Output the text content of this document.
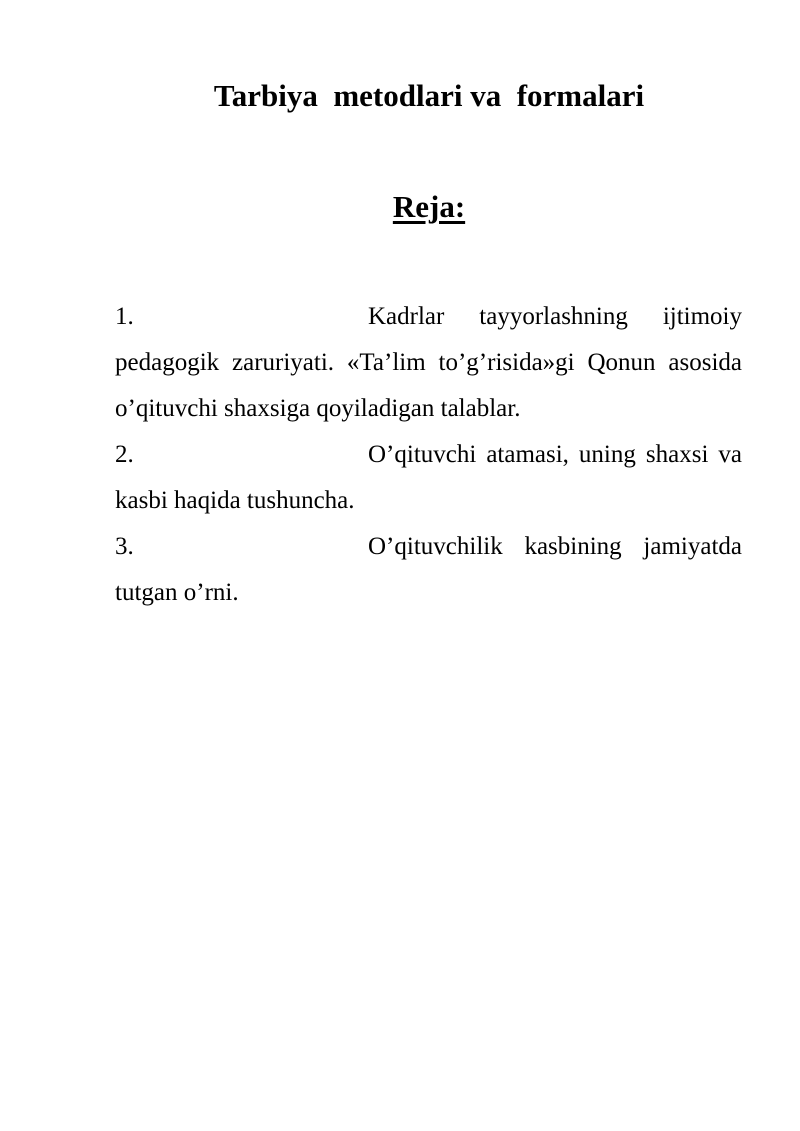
Tarbiya  metodlari va  formalari
Reja:

1.	Kadrlar tayyorlashning ijtimoiy pedagogik zaruriyati. «Ta’lim to’g’risida»gi Qonun asosida o’qituvchi shaxsiga qoyiladigan talablar.

2.	O’qituvchi atamasi, uning shaxsi va kasbi haqida tushuncha.

3.	O’qituvchilik kasbining jamiyatda tutgan o’rni.
